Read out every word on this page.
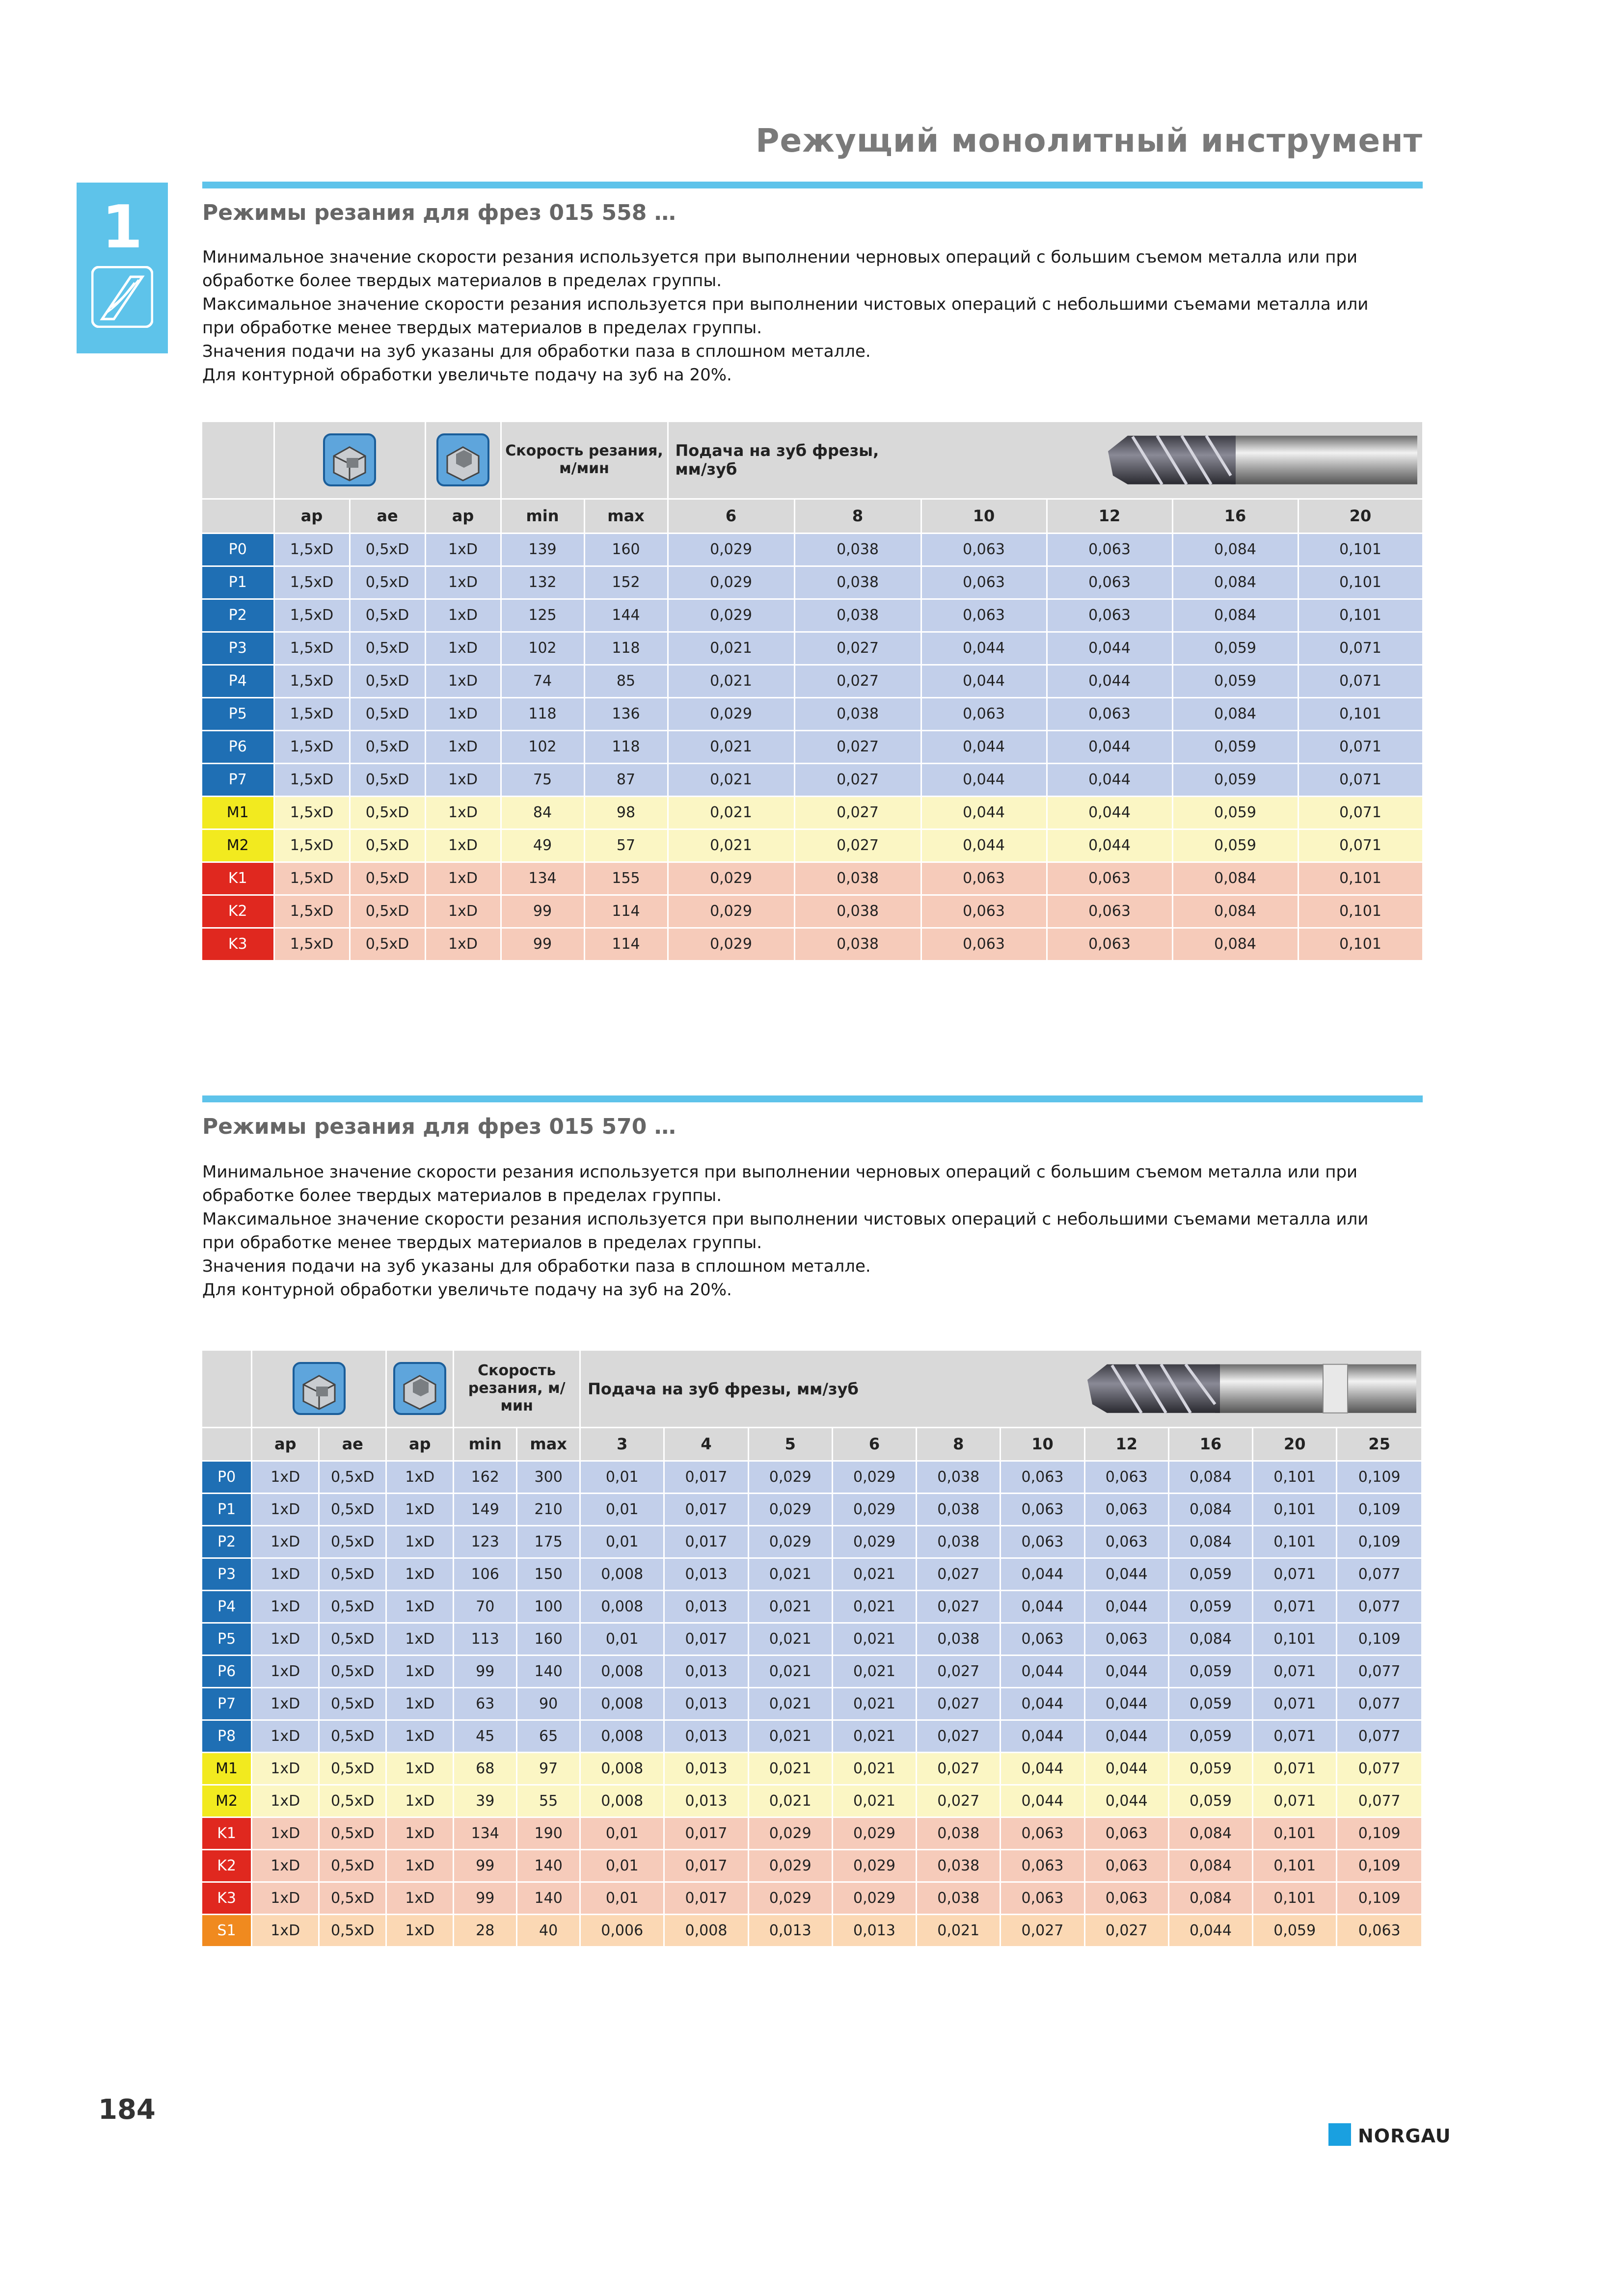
Режущий монолитный инструмент
1	Режимы резания для фрез 015 558 …
Минимальное значение скорости резания используется при выполнении черновых операций с большим съемом металла или при
обработке более твердых материалов в пределах группы.
Максимальное значение скорости резания используется при выполнении чистовых операций с небольшими съемами металла или
при обработке менее твердых материалов в пределах группы.
Значения подачи на зуб указаны для обработки паза в сплошном металле.
Для контурной обработки увеличьте подачу на зуб на 20%.
			Скорость резания, м/мин		Подача на зуб фрезы, мм/зуб					

	ap	ae	ap	min	max	6	8	10	12	16	20
P0	1,5xD	0,5xD	1xD	139	160	0,029	0,038	0,063	0,063	0,084	0,101
P1	1,5xD	0,5xD	1xD	132	152	0,029	0,038	0,063	0,063	0,084	0,101
P2	1,5xD	0,5xD	1xD	125	144	0,029	0,038	0,063	0,063	0,084	0,101
P3	1,5xD	0,5xD	1xD	102	118	0,021	0,027	0,044	0,044	0,059	0,071
P4	1,5xD	0,5xD	1xD	74	85	0,021	0,027	0,044	0,044	0,059	0,071
P5	1,5xD	0,5xD	1xD	118	136	0,029	0,038	0,063	0,063	0,084	0,101
P6	1,5xD	0,5xD	1xD	102	118	0,021	0,027	0,044	0,044	0,059	0,071
P7	1,5xD	0,5xD	1xD	75	87	0,021	0,027	0,044	0,044	0,059	0,071
M1	1,5xD	0,5xD	1xD	84	98	0,021	0,027	0,044	0,044	0,059	0,071
M2	1,5xD	0,5xD	1xD	49	57	0,021	0,027	0,044	0,044	0,059	0,071
K1	1,5xD	0,5xD	1xD	134	155	0,029	0,038	0,063	0,063	0,084	0,101
K2	1,5xD	0,5xD	1xD	99	114	0,029	0,038	0,063	0,063	0,084	0,101
K3	1,5xD	0,5xD	1xD	99	114	0,029	0,038	0,063	0,063	0,084	0,101
Режимы резания для фрез 015 570 …
Минимальное значение скорости резания используется при выполнении черновых операций с большим съемом металла или при
обработке более твердых материалов в пределах группы.
Максимальное значение скорости резания используется при выполнении чистовых операций с небольшими съемами металла или
при обработке менее твердых материалов в пределах группы.
Значения подачи на зуб указаны для обработки паза в сплошном металле.
Для контурной обработки увеличьте подачу на зуб на 20%.
			Скорость резания, м/мин		Подача на зуб фрезы, мм/зуб									

	ap	ae	ap	min	max	3	4	5	6	8	10	12	16	20	25
P0	1xD	0,5xD	1xD	162	300	0,01	0,017	0,029	0,029	0,038	0,063	0,063	0,084	0,101	0,109
P1	1xD	0,5xD	1xD	149	210	0,01	0,017	0,029	0,029	0,038	0,063	0,063	0,084	0,101	0,109
P2	1xD	0,5xD	1xD	123	175	0,01	0,017	0,029	0,029	0,038	0,063	0,063	0,084	0,101	0,109
P3	1xD	0,5xD	1xD	106	150	0,008	0,013	0,021	0,021	0,027	0,044	0,044	0,059	0,071	0,077
P4	1xD	0,5xD	1xD	70	100	0,008	0,013	0,021	0,021	0,027	0,044	0,044	0,059	0,071	0,077
P5	1xD	0,5xD	1xD	113	160	0,01	0,017	0,021	0,021	0,038	0,063	0,063	0,084	0,101	0,109
P6	1xD	0,5xD	1xD	99	140	0,008	0,013	0,021	0,021	0,027	0,044	0,044	0,059	0,071	0,077
P7	1xD	0,5xD	1xD	63	90	0,008	0,013	0,021	0,021	0,027	0,044	0,044	0,059	0,071	0,077
P8	1xD	0,5xD	1xD	45	65	0,008	0,013	0,021	0,021	0,027	0,044	0,044	0,059	0,071	0,077
M1	1xD	0,5xD	1xD	68	97	0,008	0,013	0,021	0,021	0,027	0,044	0,044	0,059	0,071	0,077
M2	1xD	0,5xD	1xD	39	55	0,008	0,013	0,021	0,021	0,027	0,044	0,044	0,059	0,071	0,077
K1	1xD	0,5xD	1xD	134	190	0,01	0,017	0,029	0,029	0,038	0,063	0,063	0,084	0,101	0,109
K2	1xD	0,5xD	1xD	99	140	0,01	0,017	0,029	0,029	0,038	0,063	0,063	0,084	0,101	0,109
K3	1xD	0,5xD	1xD	99	140	0,01	0,017	0,029	0,029	0,038	0,063	0,063	0,084	0,101	0,109
S1	1xD	0,5xD	1xD	28	40	0,006	0,008	0,013	0,013	0,021	0,027	0,027	0,044	0,059	0,063
184
NORGAU
